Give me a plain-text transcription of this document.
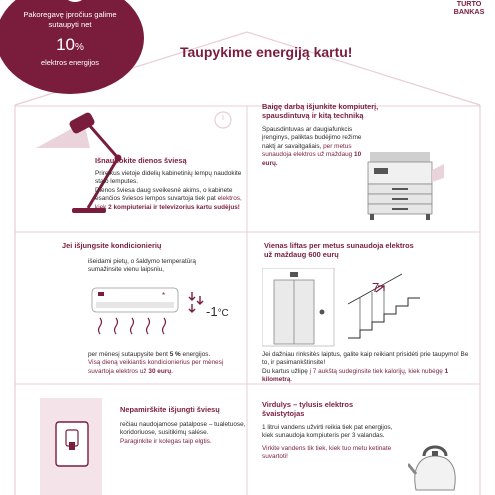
Pakoregavę įpročius galime sutaupyti net
10%
elektros energijos
TURTO
BANKAS
Taupykime energiją kartu!
Išnaudokite dienos šviesą
Prireikus vietoje didelių kabinetinių lempų naudokite stalo lemputes.
Dienos šviesa daug sveikesnė akims, o kabinete esančios šviesos lempos suvartoja tiek pat elektros, kiek 2 kompiuteriai ir televizorius kartu sudėjus!
Baigę darbą išjunkite kompiuterį, spausdintuvą ir kitą techniką
Spausdintuvas ar daugiafunkcis įrenginys, paliktas budėjimo režime naktį ar savaitgaliais, per metus sunaudoja elektros už maždaug 10 eurų.
Jei išjungsite kondicionierių
išeidami pietų, o šaldymo temperatūrą sumažinsite vienu laipsniu,
*
-1°C
per mėnesį sutaupysite bent 5 % energijos.
Visą dieną veikiantis kondicionierius per mėnesį suvartoja elektros už 30 eurų.
Vienas liftas per metus sunaudoja elektros už maždaug 600 eurų
7
Jei dažniau rinksitės laiptus, galite kaip reikiant prisidėti prie taupymo! Be to, ir pasimankštinsite!
Du kartus užlipę į 7 aukštą sudeginsite tiek kalorijų, kiek nubėgę 1 kilometrą.
Nepamirškite išjungti šviesų
rečiau naudojamose patalpose – tualetuose, koridoriuose, susitikimų salėse.
Paraginkite ir kolegas taip elgtis.
Virdulys – tylusis elektros švaistytojas
1 litrui vandens užvirti reikia tiek pat energijos, kiek sunaudoja kompiuteris per 3 valandas.
Virkite vandens tik tiek, kiek tuo metu ketinate suvartoti!
